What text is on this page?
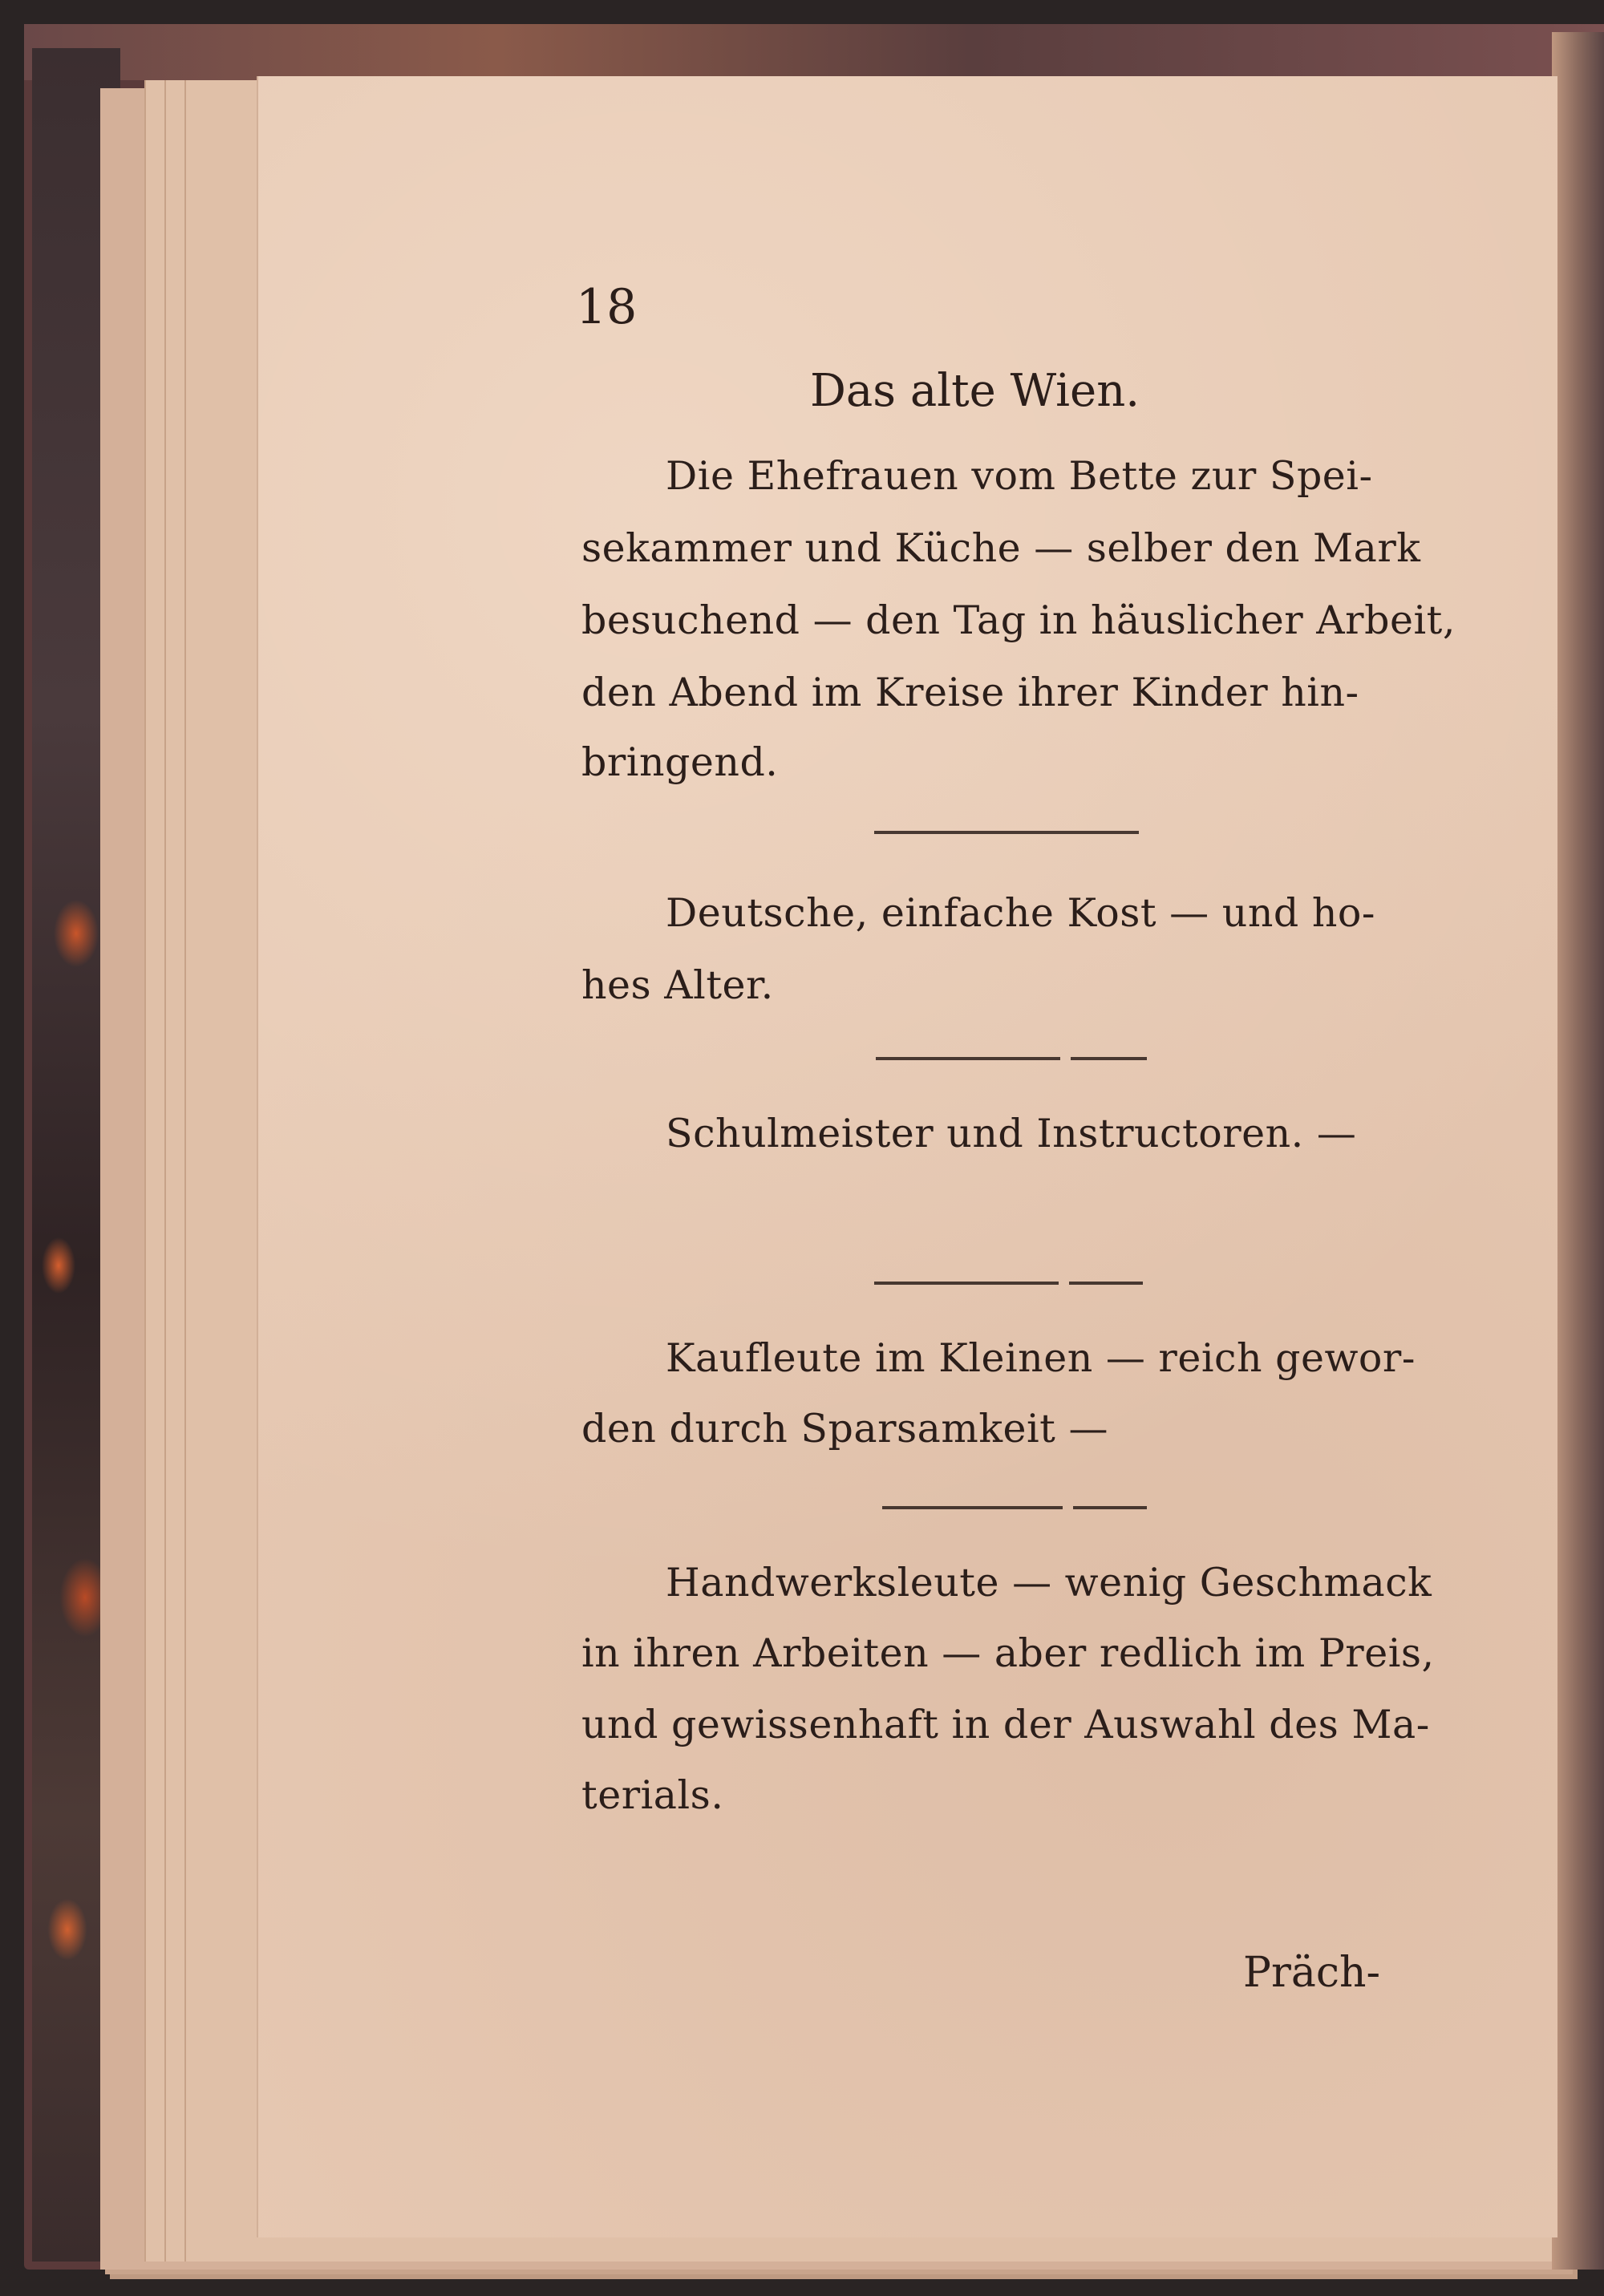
18
Das alte Wien.
Die Ehefrauen vom Bette zur Spei-
sekammer und Küche — selber den Mark
besuchend — den Tag in häuslicher Arbeit,
den Abend im Kreise ihrer Kinder hin-
bringend.
Deutsche, einfache Kost — und ho-
hes Alter.
Schulmeister und Instructoren. —
Kaufleute im Kleinen — reich gewor-
den durch Sparsamkeit —
Handwerksleute — wenig Geschmack
in ihren Arbeiten — aber redlich im Preis,
und gewissenhaft in der Auswahl des Ma-
terials.
Präch-
